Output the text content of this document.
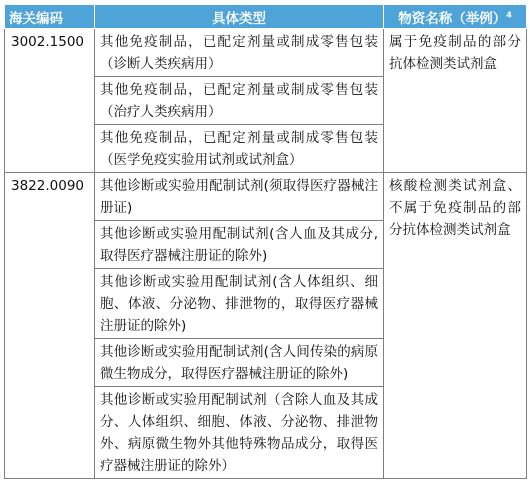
海关编码	具体类型	物资名称（举例）$^4$
3002.1500	其他免疫制品，已配定剂量或制成零售包装（诊断人类疾病用）	属于免疫制品的部分抗体检测类试剂盒
	其他免疫制品，已配定剂量或制成零售包装（治疗人类疾病用）	
	其他免疫制品，已配定剂量或制成零售包装（医学免疫实验用试剂或试剂盒）	
3822.0090	其他诊断或实验用配制试剂(须取得医疗器械注册证)	核酸检测类试剂盒、不属于免疫制品的部分抗体检测类试剂盒
	其他诊断或实验用配制试剂(含人血及其成分,取得医疗器械注册证的除外)	
	其他诊断或实验用配制试剂(含人体组织、细胞、体液、分泌物、排泄物的，取得医疗器械注册证的除外)	
	其他诊断或实验用配制试剂(含人间传染的病原微生物成分，取得医疗器械注册证的除外)	
	其他诊断或实验用配制试剂（含除人血及其成分、人体组织、细胞、体液、分泌物、排泄物外、病原微生物外其他特殊物品成分，取得医疗器械注册证的除外）	
